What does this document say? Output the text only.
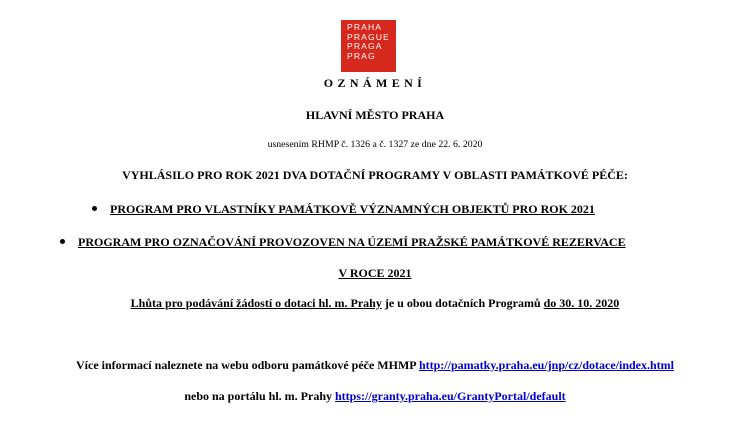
PRAHA
PRAGUE
PRAGA
PRAG
OZNÁMENÍ
HLAVNÍ MĚSTO PRAHA
usnesením RHMP č. 1326 a č. 1327 ze dne 22. 6. 2020
VYHLÁSILO PRO ROK 2021 DVA DOTAČNÍ PROGRAMY V OBLASTI PAMÁTKOVÉ PÉČE:
PROGRAM PRO VLASTNÍKY PAMÁTKOVĚ VÝZNAMNÝCH OBJEKTŮ PRO ROK 2021
PROGRAM PRO OZNAČOVÁNÍ PROVOZOVEN NA ÚZEMÍ PRAŽSKÉ PAMÁTKOVÉ REZERVACE
V ROCE 2021
Lhůta pro podávání žádostí o dotaci hl. m. Prahy je u obou dotačních Programů do 30. 10. 2020
Více informací naleznete na webu odboru památkové péče MHMP http://pamatky.praha.eu/jnp/cz/dotace/index.html
nebo na portálu hl. m. Prahy https://granty.praha.eu/GrantyPortal/default
